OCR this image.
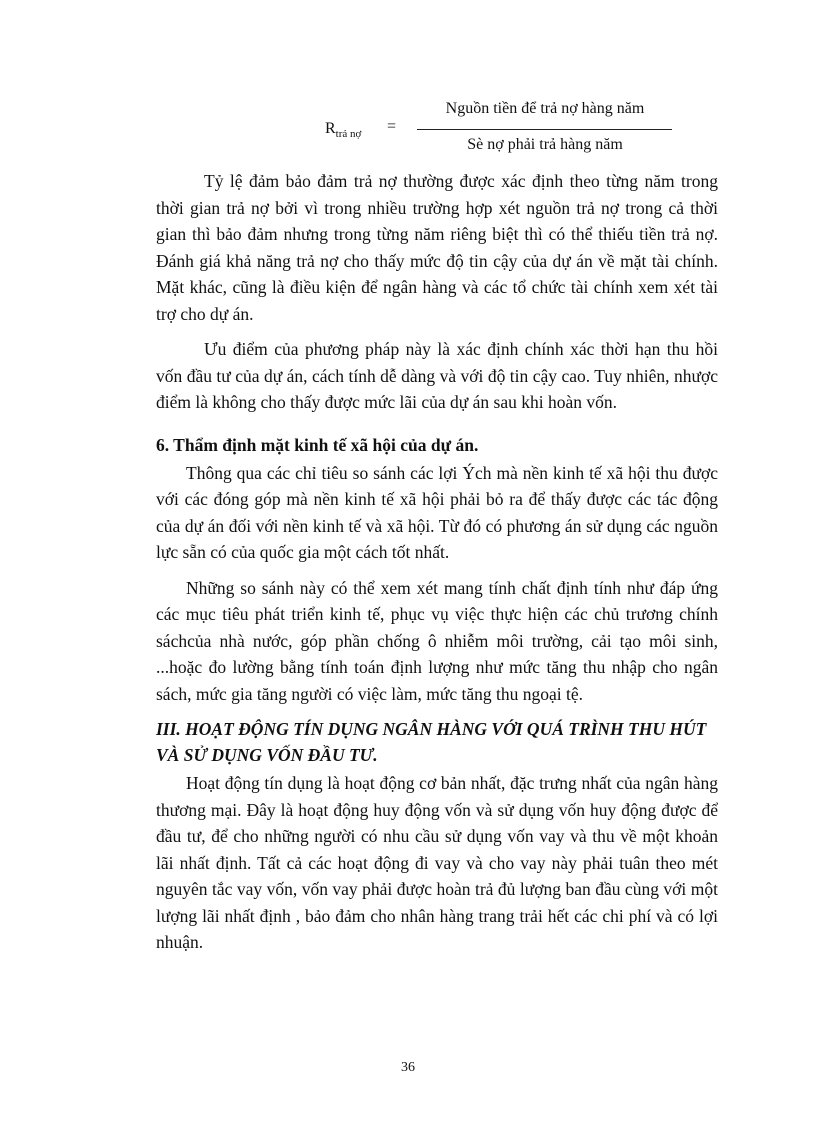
$R_{trả nợ}$ =
Nguồn tiền để trả nợ hàng năm
Sè nợ phải trả hàng năm

Tỷ lệ đảm bảo đảm trả nợ thường được xác định theo từng năm trong thời gian trả nợ bởi vì trong nhiều trường hợp xét nguồn trả nợ trong cả thời gian thì bảo đảm nhưng trong từng năm riêng biệt thì có thể thiếu tiền trả nợ. Đánh giá khả năng trả nợ cho thấy mức độ tin cậy của dự án về mặt tài chính. Mặt khác, cũng là điều kiện để ngân hàng và các tổ chức tài chính xem xét tài trợ cho dự án.

Ưu điểm của phương pháp này là xác định chính xác thời hạn thu hồi vốn đầu tư của dự án, cách tính dễ dàng và với độ tin cậy cao. Tuy nhiên, nhược điểm là không cho thấy được mức lãi của dự án sau khi hoàn vốn.

6. Thẩm định mặt kinh tế xã hội của dự án.

Thông qua các chỉ tiêu so sánh các lợi Ých mà nền kinh tế xã hội thu được với các đóng góp mà nền kinh tế xã hội phải bỏ ra để thấy được các tác động của dự án đối với nền kinh tế và xã hội. Từ đó có phương án sử dụng các nguồn lực sẵn có của quốc gia một cách tốt nhất.

Những so sánh này có thể xem xét mang tính chất định tính như đáp ứng các mục tiêu phát triển kinh tế, phục vụ việc thực hiện các chủ trương chính sáchcủa nhà nước, góp phần chống ô nhiễm môi trường, cải tạo môi sinh, ...hoặc đo lường bằng tính toán định lượng như mức tăng thu nhập cho ngân sách, mức gia tăng người có việc làm, mức tăng thu ngoại tệ.

III. HOẠT ĐỘNG TÍN DỤNG NGÂN HÀNG VỚI QUÁ TRÌNH THU HÚT VÀ SỬ DỤNG VỐN ĐẦU TƯ.

Hoạt động tín dụng là hoạt động cơ bản nhất, đặc trưng nhất của ngân hàng thương mại. Đây là hoạt động huy động vốn và sử dụng vốn huy động được để đầu tư, để cho những người có nhu cầu sử dụng vốn vay và thu về một khoản lãi nhất định. Tất cả các hoạt động đi vay và cho vay này phải tuân theo mét nguyên tắc vay vốn, vốn vay phải được hoàn trả đủ lượng ban đầu cùng với một lượng lãi nhất định , bảo đảm cho nhân hàng trang trải hết các chi phí và có lợi nhuận.

36
